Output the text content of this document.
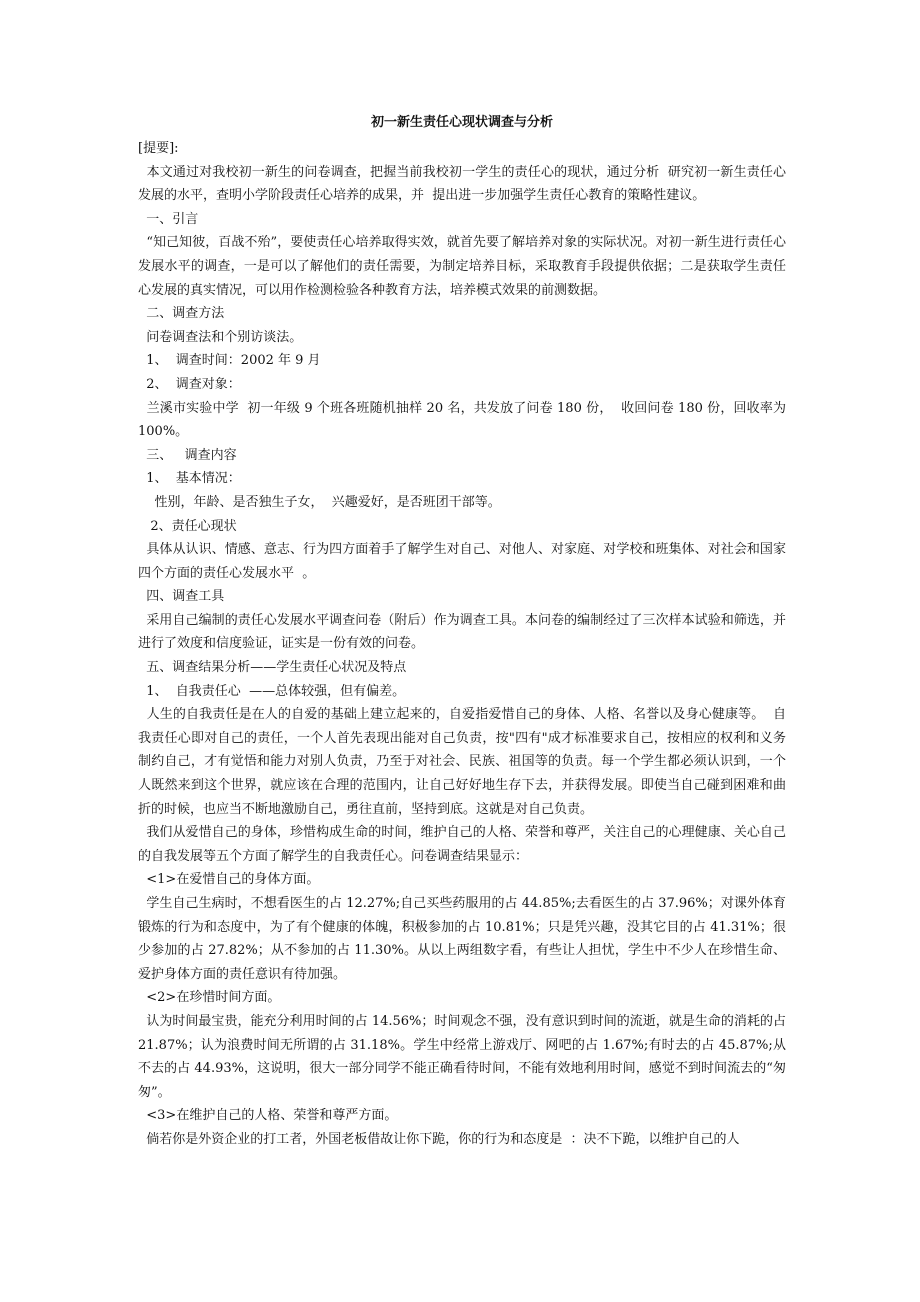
初一新生责任心现状调查与分析

[提要]:

本文通过对我校初一新生的问卷调查，把握当前我校初一学生的责任心的现状，通过分析  研究初一新生责任心发展的水平，查明小学阶段责任心培养的成果，并  提出进一步加强学生责任心教育的策略性建议。

一、引言

“知己知彼，百战不殆”，要使责任心培养取得实效，就首先要了解培养对象的实际状况。对初一新生进行责任心发展水平的调查，一是可以了解他们的责任需要，为制定培养目标，采取教育手段提供依据；二是获取学生责任心发展的真实情况，可以用作检测检验各种教育方法，培养模式效果的前测数据。

二、调查方法

问卷调查法和个别访谈法。

1、  调查时间：2002 年 9 月

2、  调查对象：

兰溪市实验中学  初一年级 9 个班各班随机抽样 20 名，共发放了问卷 180 份，  收回问卷 180 份，回收率为 100%。

三、   调查内容

1、  基本情况：

性别，年龄、是否独生子女，  兴趣爱好，是否班团干部等。

2、责任心现状

具体从认识、情感、意志、行为四方面着手了解学生对自己、对他人、对家庭、对学校和班集体、对社会和国家四个方面的责任心发展水平  。

四、调查工具

采用自己编制的责任心发展水平调查问卷（附后）作为调查工具。本问卷的编制经过了三次样本试验和筛选，并进行了效度和信度验证，证实是一份有效的问卷。

五、调查结果分析——学生责任心状况及特点

1、  自我责任心  ——总体较强，但有偏差。

人生的自我责任是在人的自爱的基础上建立起来的，自爱指爱惜自己的身体、人格、名誉以及身心健康等。  自我责任心即对自己的责任，一个人首先表现出能对自己负责，按"四有"成才标准要求自己，按相应的权利和义务制约自己，才有觉悟和能力对别人负责，乃至于对社会、民族、祖国等的负责。每一个学生都必须认识到，一个人既然来到这个世界，就应该在合理的范围内，让自己好好地生存下去，并获得发展。即使当自己碰到困难和曲折的时候，也应当不断地激励自己，勇往直前，坚持到底。这就是对自己负责。

我们从爱惜自己的身体，珍惜构成生命的时间，维护自己的人格、荣誉和尊严，关注自己的心理健康、关心自己的自我发展等五个方面了解学生的自我责任心。问卷调查结果显示：

<1>在爱惜自己的身体方面。

学生自己生病时，不想看医生的占 12.27%;自己买些药服用的占 44.85%;去看医生的占 37.96%；对课外体育锻炼的行为和态度中，为了有个健康的体魄，积极参加的占 10.81%；只是凭兴趣，没其它目的占 41.31%；很少参加的占 27.82%；从不参加的占 11.30%。从以上两组数字看，有些让人担忧，学生中不少人在珍惜生命、爱护身体方面的责任意识有待加强。

<2>在珍惜时间方面。

认为时间最宝贵，能充分利用时间的占 14.56%；时间观念不强，没有意识到时间的流逝，就是生命的消耗的占 21.87%；认为浪费时间无所谓的占 31.18%。学生中经常上游戏厅、网吧的占 1.67%;有时去的占 45.87%;从不去的占 44.93%，这说明，很大一部分同学不能正确看待时间，不能有效地利用时间，感觉不到时间流去的“匆匆”。

<3>在维护自己的人格、荣誉和尊严方面。

倘若你是外资企业的打工者，外国老板借故让你下跪，你的行为和态度是  ：决不下跪，以维护自己的人
